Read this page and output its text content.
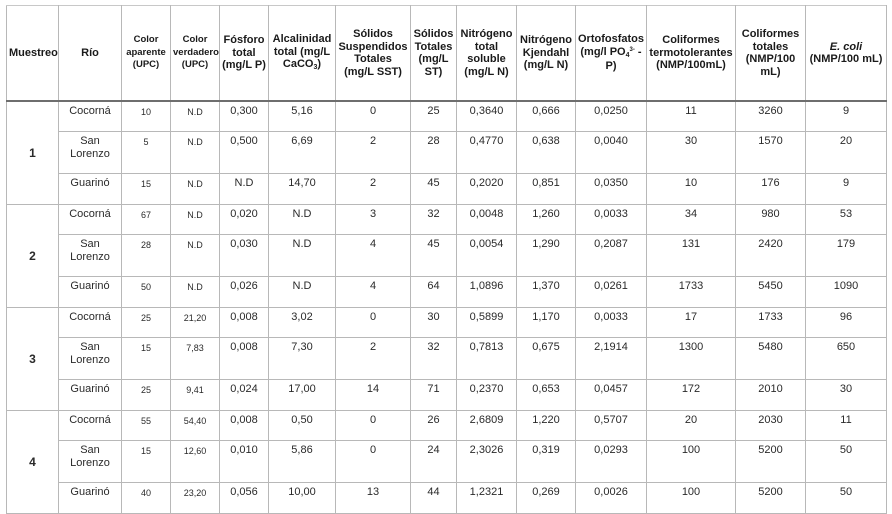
Muestreo	Río	Color aparente (UPC)	Color verdadero (UPC)	Fósforo total (mg/L P)	Alcalinidad total (mg/L CaCO3)	Sólidos Suspendidos Totales (mg/L SST)	Sólidos Totales (mg/L ST)	Nitrógeno total soluble (mg/L N)	Nitrógeno Kjendahl (mg/L N)	Ortofosfatos (mg/l $PO4^{3-}$ -P)	Coliformes termotolerantes (NMP/100mL)	Coliformes totales (NMP/100 mL)	E. coli (NMP/100 mL)
1	Cocorná	10	N.D	0,300	5,16	0	25	0,3640	0,666	0,0250	11	3260	9
	San Lorenzo	5	N.D	0,500	6,69	2	28	0,4770	0,638	0,0040	30	1570	20
	Guarinó	15	N.D	N.D	14,70	2	45	0,2020	0,851	0,0350	10	176	9
2	Cocorná	67	N.D	0,020	N.D	3	32	0,0048	1,260	0,0033	34	980	53
	San Lorenzo	28	N.D	0,030	N.D	4	45	0,0054	1,290	0,2087	131	2420	179
	Guarinó	50	N.D	0,026	N.D	4	64	1,0896	1,370	0,0261	1733	5450	1090
3	Cocorná	25	21,20	0,008	3,02	0	30	0,5899	1,170	0,0033	17	1733	96
	San Lorenzo	15	7,83	0,008	7,30	2	32	0,7813	0,675	2,1914	1300	5480	650
	Guarinó	25	9,41	0,024	17,00	14	71	0,2370	0,653	0,0457	172	2010	30
4	Cocorná	55	54,40	0,008	0,50	0	26	2,6809	1,220	0,5707	20	2030	11
	San Lorenzo	15	12,60	0,010	5,86	0	24	2,3026	0,319	0,0293	100	5200	50
	Guarinó	40	23,20	0,056	10,00	13	44	1,2321	0,269	0,0026	100	5200	50
